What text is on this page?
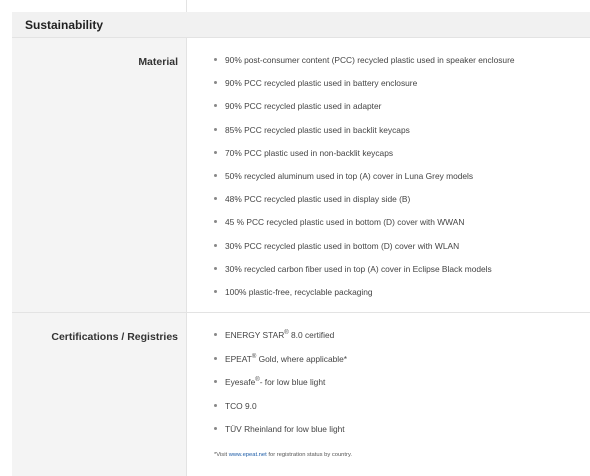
Sustainability
Material	90% post-consumer content (PCC) recycled plastic used in speaker enclosure
90% PCC recycled plastic used in battery enclosure
90% PCC recycled plastic used in adapter
85% PCC recycled plastic used in backlit keycaps
70% PCC plastic used in non-backlit keycaps
50% recycled aluminum used in top (A) cover in Luna Grey models
48% PCC recycled plastic used in display side (B)
45 % PCC recycled plastic used in bottom (D) cover with WWAN
30% PCC recycled plastic used in bottom (D) cover with WLAN
30% recycled carbon fiber used in top (A) cover in Eclipse Black models
100% plastic-free, recyclable packaging
Certifications / Registries	ENERGY STAR® 8.0 certified
EPEAT® Gold, where applicable*
Eyesafe®- for low blue light
TCO 9.0
TÜV Rheinland for low blue light
*Visit www.epeat.net for registration status by country.
